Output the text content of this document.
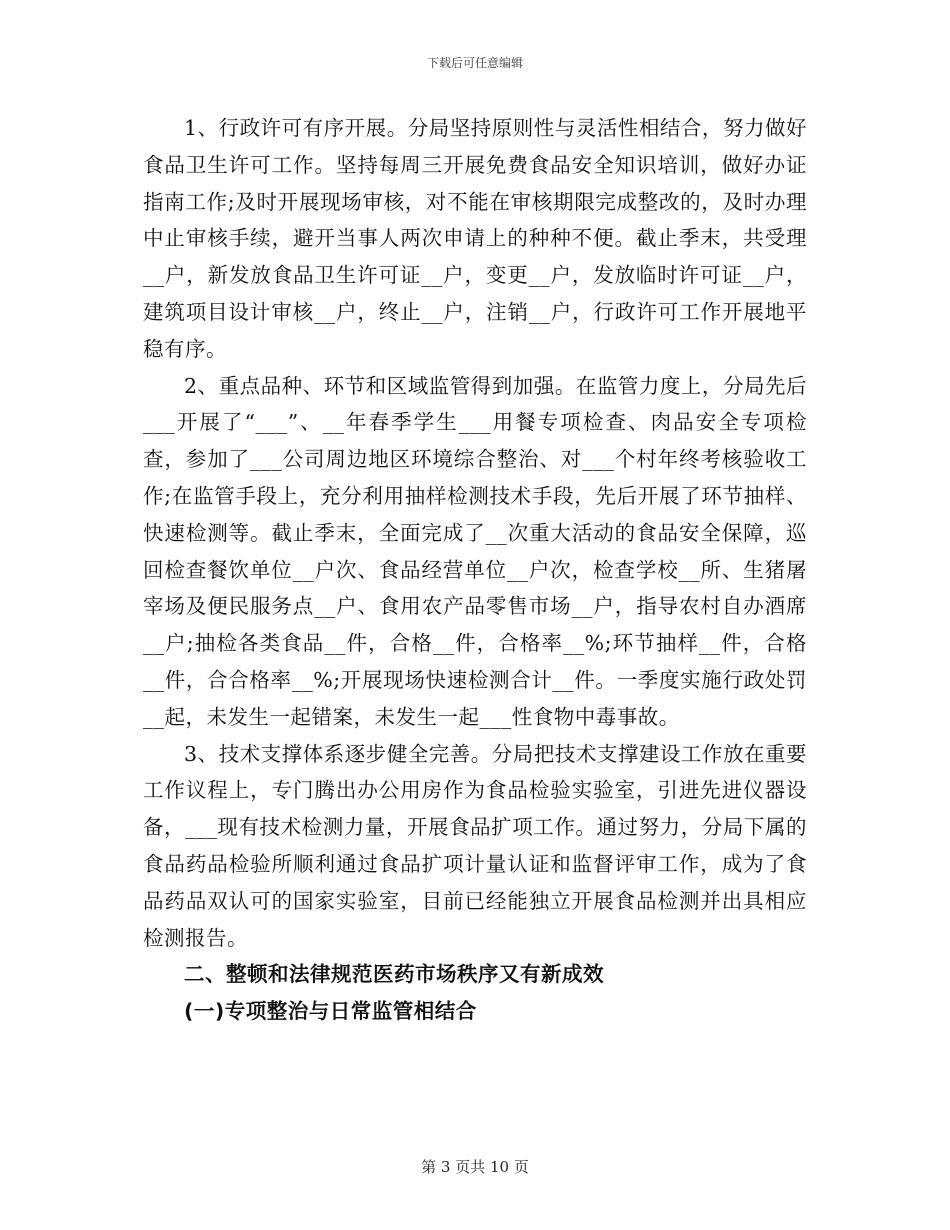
下载后可任意编辑

1、行政许可有序开展。分局坚持原则性与灵活性相结合，努力做好食品卫生许可工作。坚持每周三开展免费食品安全知识培训，做好办证指南工作;及时开展现场审核，对不能在审核期限完成整改的，及时办理中止审核手续，避开当事人两次申请上的种种不便。截止季末，共受理__户，新发放食品卫生许可证__户，变更__户，发放临时许可证__户，建筑项目设计审核__户，终止__户，注销__户，行政许可工作开展地平稳有序。

2、重点品种、环节和区域监管得到加强。在监管力度上，分局先后___开展了“___”、__年春季学生___用餐专项检查、肉品安全专项检查，参加了___公司周边地区环境综合整治、对___个村年终考核验收工作;在监管手段上，充分利用抽样检测技术手段，先后开展了环节抽样、快速检测等。截止季末，全面完成了__次重大活动的食品安全保障，巡回检查餐饮单位__户次、食品经营单位__户次，检查学校__所、生猪屠宰场及便民服务点__户、食用农产品零售市场__户，指导农村自办酒席__户;抽检各类食品__件，合格__件，合格率__%;环节抽样__件，合格__件，合合格率__%;开展现场快速检测合计__件。一季度实施行政处罚__起，未发生一起错案，未发生一起___性食物中毒事故。

3、技术支撑体系逐步健全完善。分局把技术支撑建设工作放在重要工作议程上，专门腾出办公用房作为食品检验实验室，引进先进仪器设备，___现有技术检测力量，开展食品扩项工作。通过努力，分局下属的食品药品检验所顺利通过食品扩项计量认证和监督评审工作，成为了食品药品双认可的国家实验室，目前已经能独立开展食品检测并出具相应检测报告。

二、整顿和法律规范医药市场秩序又有新成效

(一)专项整治与日常监管相结合

第 3 页共 10 页
